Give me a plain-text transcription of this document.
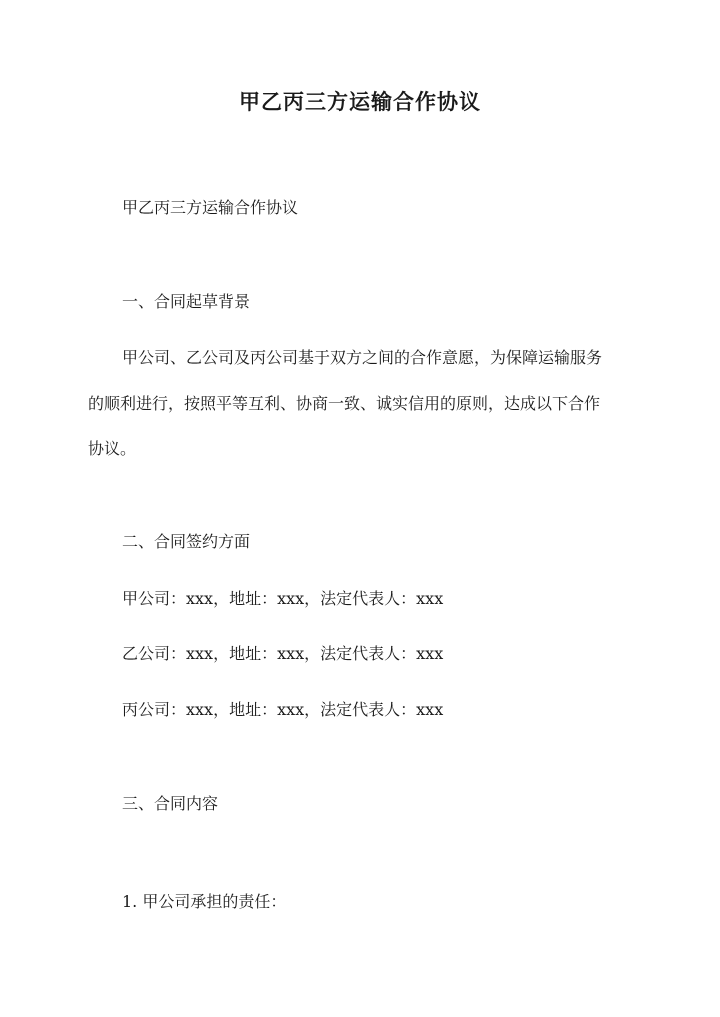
甲乙丙三方运输合作协议

甲乙丙三方运输合作协议

一、合同起草背景

甲公司、乙公司及丙公司基于双方之间的合作意愿，为保障运输服务

的顺利进行，按照平等互利、协商一致、诚实信用的原则，达成以下合作

协议。

二、合同签约方面

甲公司：xxx，地址：xxx，法定代表人：xxx

乙公司：xxx，地址：xxx，法定代表人：xxx

丙公司：xxx，地址：xxx，法定代表人：xxx

三、合同内容

1. 甲公司承担的责任：
